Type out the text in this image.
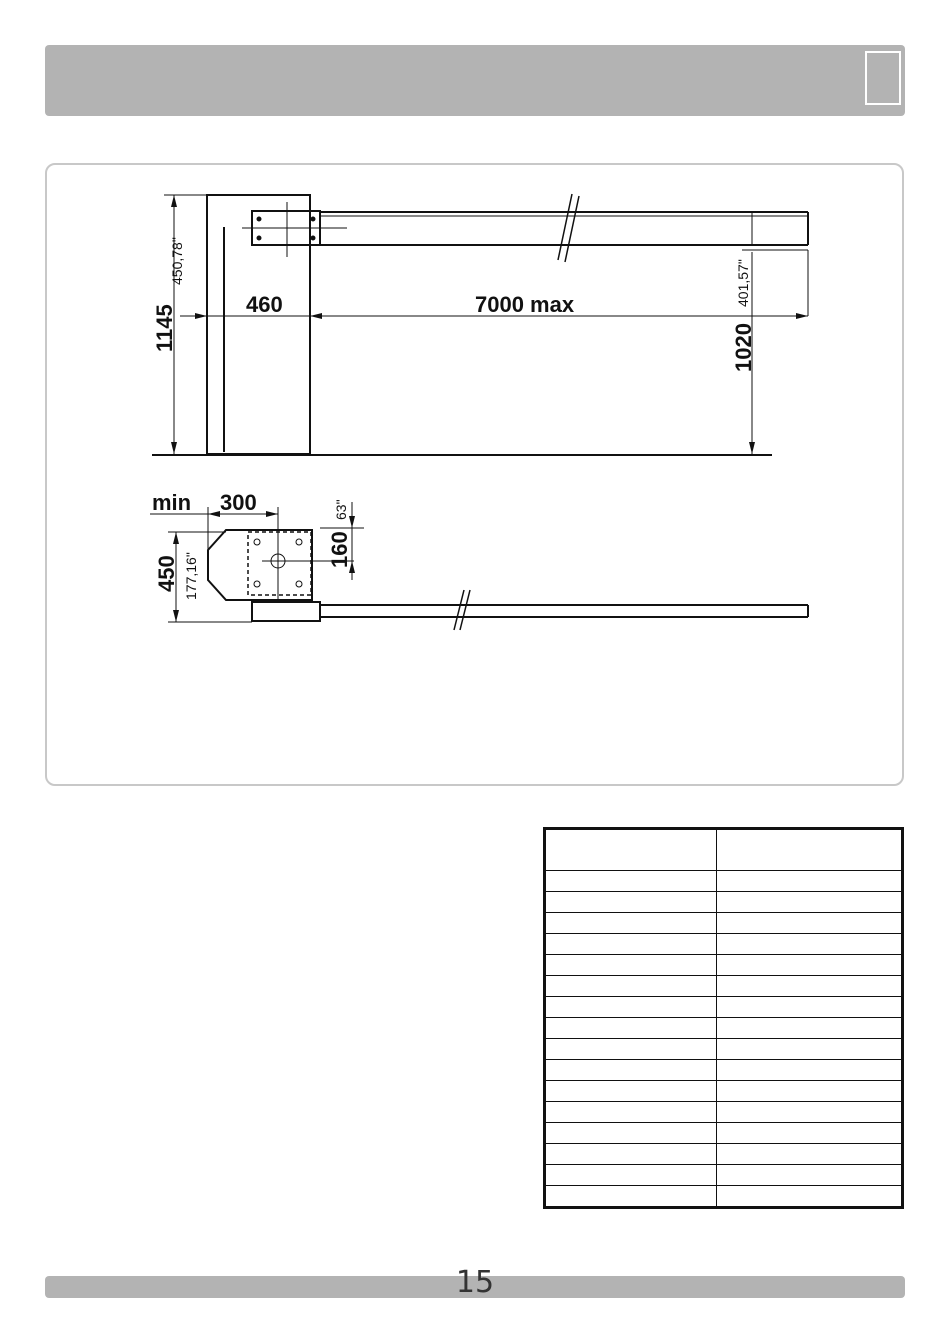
1145
450,78"
460	7000 max
1020
401,57"
min 300
450 177,16"
160
63"

15
